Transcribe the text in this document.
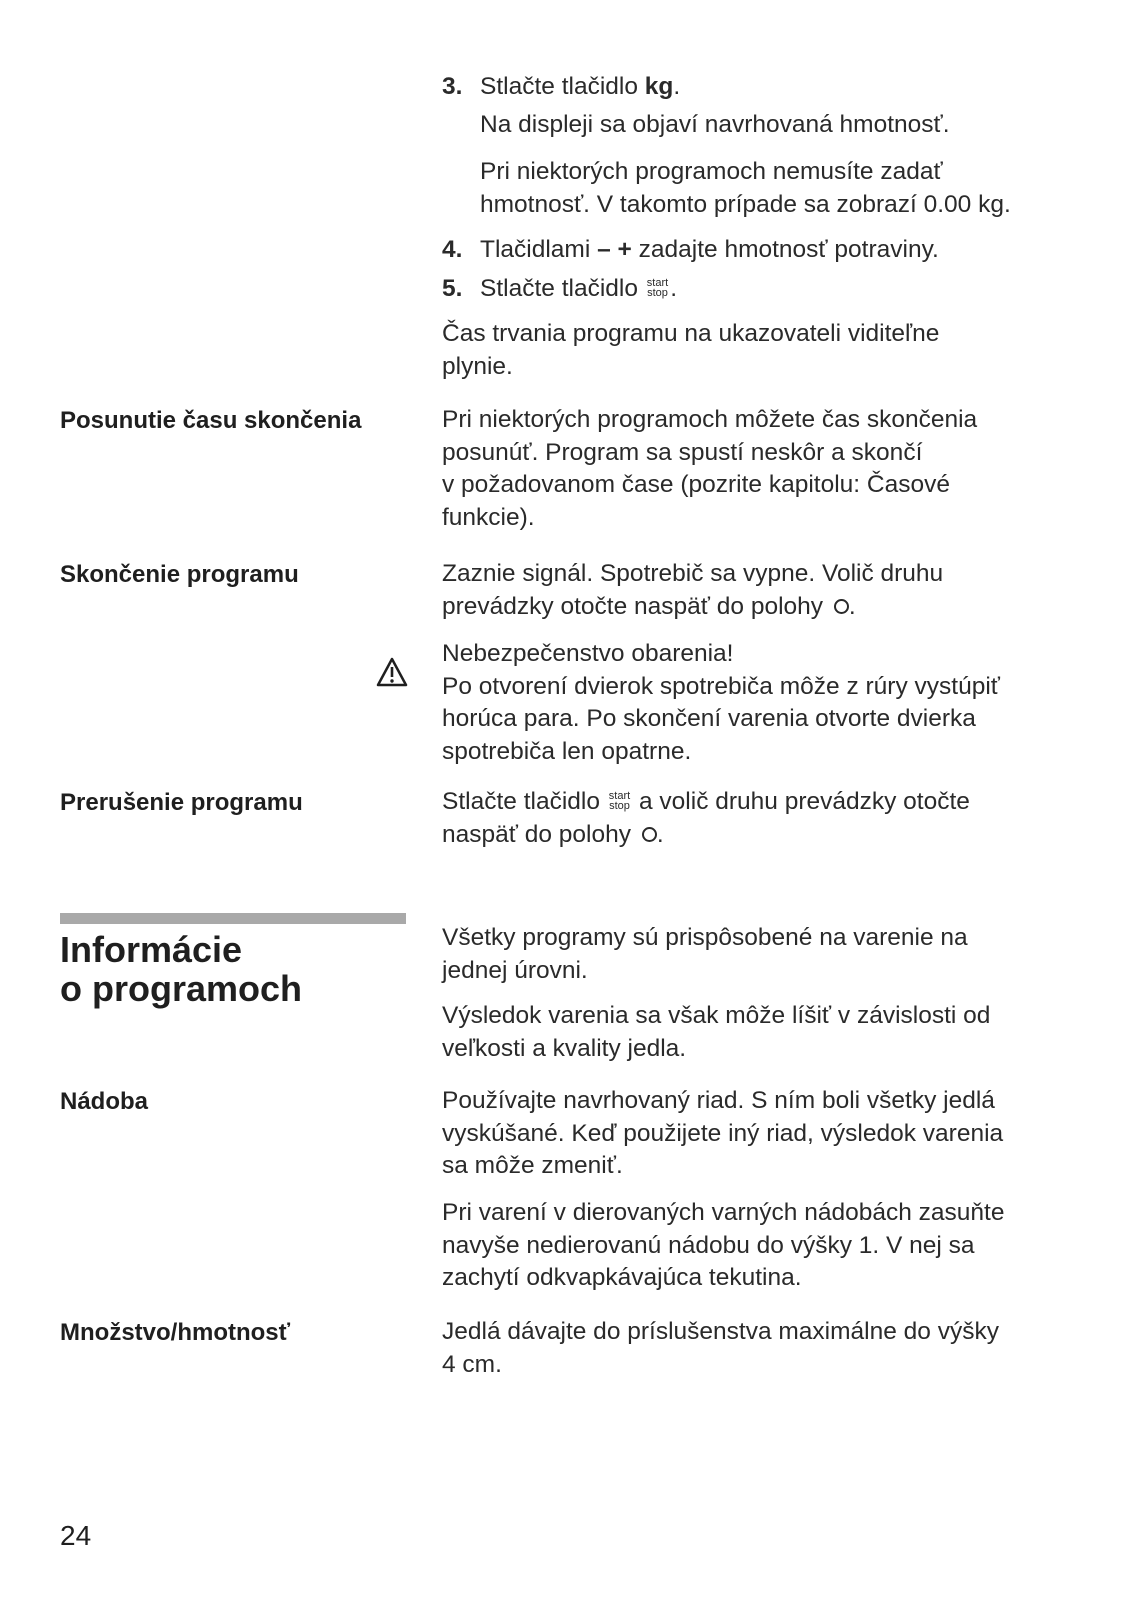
3. Stlačte tlačidlo kg.
Na displeji sa objaví navrhovaná hmotnosť.
Pri niektorých programoch nemusíte zadať
hmotnosť. V takomto prípade sa zobrazí 0.00 kg.
4. Tlačidlami – + zadajte hmotnosť potraviny.
5. Stlačte tlačidlo start
stop .

Čas trvania programu na ukazovateli viditeľne

plynie.

Posunutie času skončenia	Pri niektorých programoch môžete čas skončenia

posunúť. Program sa spustí neskôr a skončí

v požadovanom čase (pozrite kapitolu: Časové

funkcie).

Skončenie programu	Zaznie signál. Spotrebič sa vypne. Volič druhu

prevádzky otočte naspäť do polohy .

Nebezpečenstvo obarenia!

Po otvorení dvierok spotrebiča môže z rúry vystúpiť

horúca para. Po skončení varenia otvorte dvierka

spotrebiča len opatrne.

Prerušenie programu	Stlačte tlačidlo start
stop a volič druhu prevádzky otočte

naspäť do polohy .

Informácie
o programoch

Všetky programy sú prispôsobené na varenie na

jednej úrovni.

Výsledok varenia sa však môže líšiť v závislosti od

veľkosti a kvality jedla.

Nádoba	Používajte navrhovaný riad. S ním boli všetky jedlá

vyskúšané. Keď použijete iný riad, výsledok varenia

sa môže zmeniť.

Pri varení v dierovaných varných nádobách zasuňte

navyše nedierovanú nádobu do výšky 1. V nej sa

zachytí odkvapkávajúca tekutina.

Množstvo/hmotnosť	Jedlá dávajte do príslušenstva maximálne do výšky

4 cm.

24
